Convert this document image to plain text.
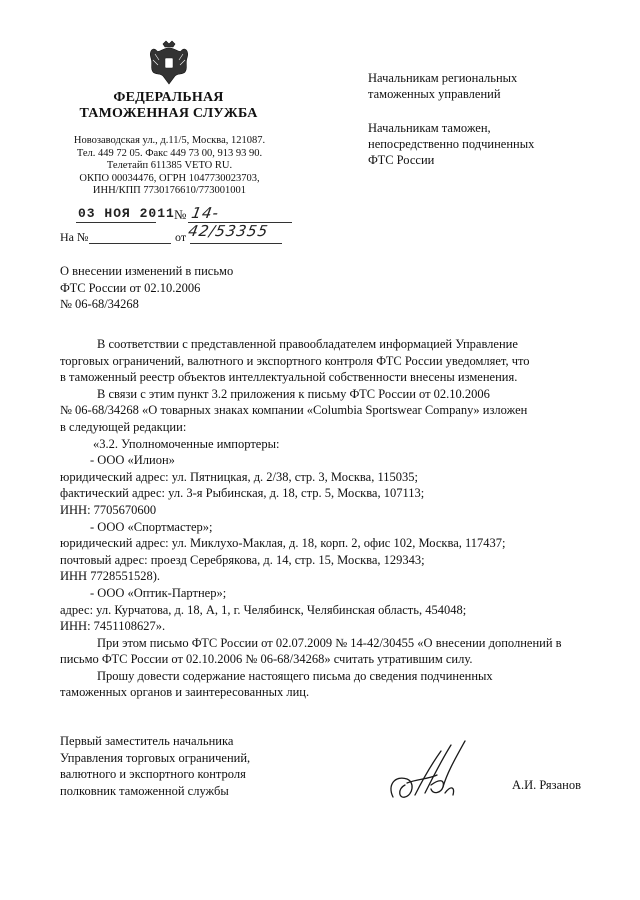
ФЕДЕРАЛЬНАЯ
ТАМОЖЕННАЯ СЛУЖБА
Новозаводская ул., д.11/5, Москва, 121087.
Тел. 449 72 05. Факс 449 73 00, 913 93 90.
Телетайп 611385 VETO RU.
ОКПО 00034476, ОГРН 1047730023703,
ИНН/КПП 7730176610/773001001
03 НОЯ 2011 № 14-42/53355
На №	от
Начальникам региональных
таможенных управлений
Начальникам таможен,
непосредственно подчиненных
ФТС России
О внесении изменений в письмо
ФТС России от 02.10.2006
№ 06-68/34268
В соответствии с представленной правообладателем информацией Управление
торговых ограничений, валютного и экспортного контроля ФТС России уведомляет, что
в таможенный реестр объектов интеллектуальной собственности внесены изменения.
В связи с этим пункт 3.2 приложения к письму ФТС России от 02.10.2006
№ 06-68/34268 «О товарных знаках компании «Columbia Sportswear Company» изложен
в следующей редакции:
«3.2. Уполномоченные импортеры:
- ООО «Илион»
юридический адрес: ул. Пятницкая, д. 2/38, стр. 3, Москва, 115035;
фактический адрес: ул. 3-я Рыбинская, д. 18, стр. 5, Москва, 107113;
ИНН: 7705670600
- ООО «Спортмастер»;
юридический адрес: ул. Миклухо-Маклая, д. 18, корп. 2, офис 102, Москва, 117437;
почтовый адрес: проезд Серебрякова, д. 14, стр. 15, Москва, 129343;
ИНН 7728551528).
- ООО «Оптик-Партнер»;
адрес: ул. Курчатова, д. 18, А, 1, г. Челябинск, Челябинская область, 454048;
ИНН: 7451108627».
При этом письмо ФТС России от 02.07.2009 № 14-42/30455 «О внесении дополнений в
письмо ФТС России от 02.10.2006 № 06-68/34268» считать утратившим силу.
Прошу довести содержание настоящего письма до сведения подчиненных
таможенных органов и заинтересованных лиц.
Первый заместитель начальника
Управления торговых ограничений,
валютного и экспортного контроля
полковник таможенной службы	А.И. Рязанов
